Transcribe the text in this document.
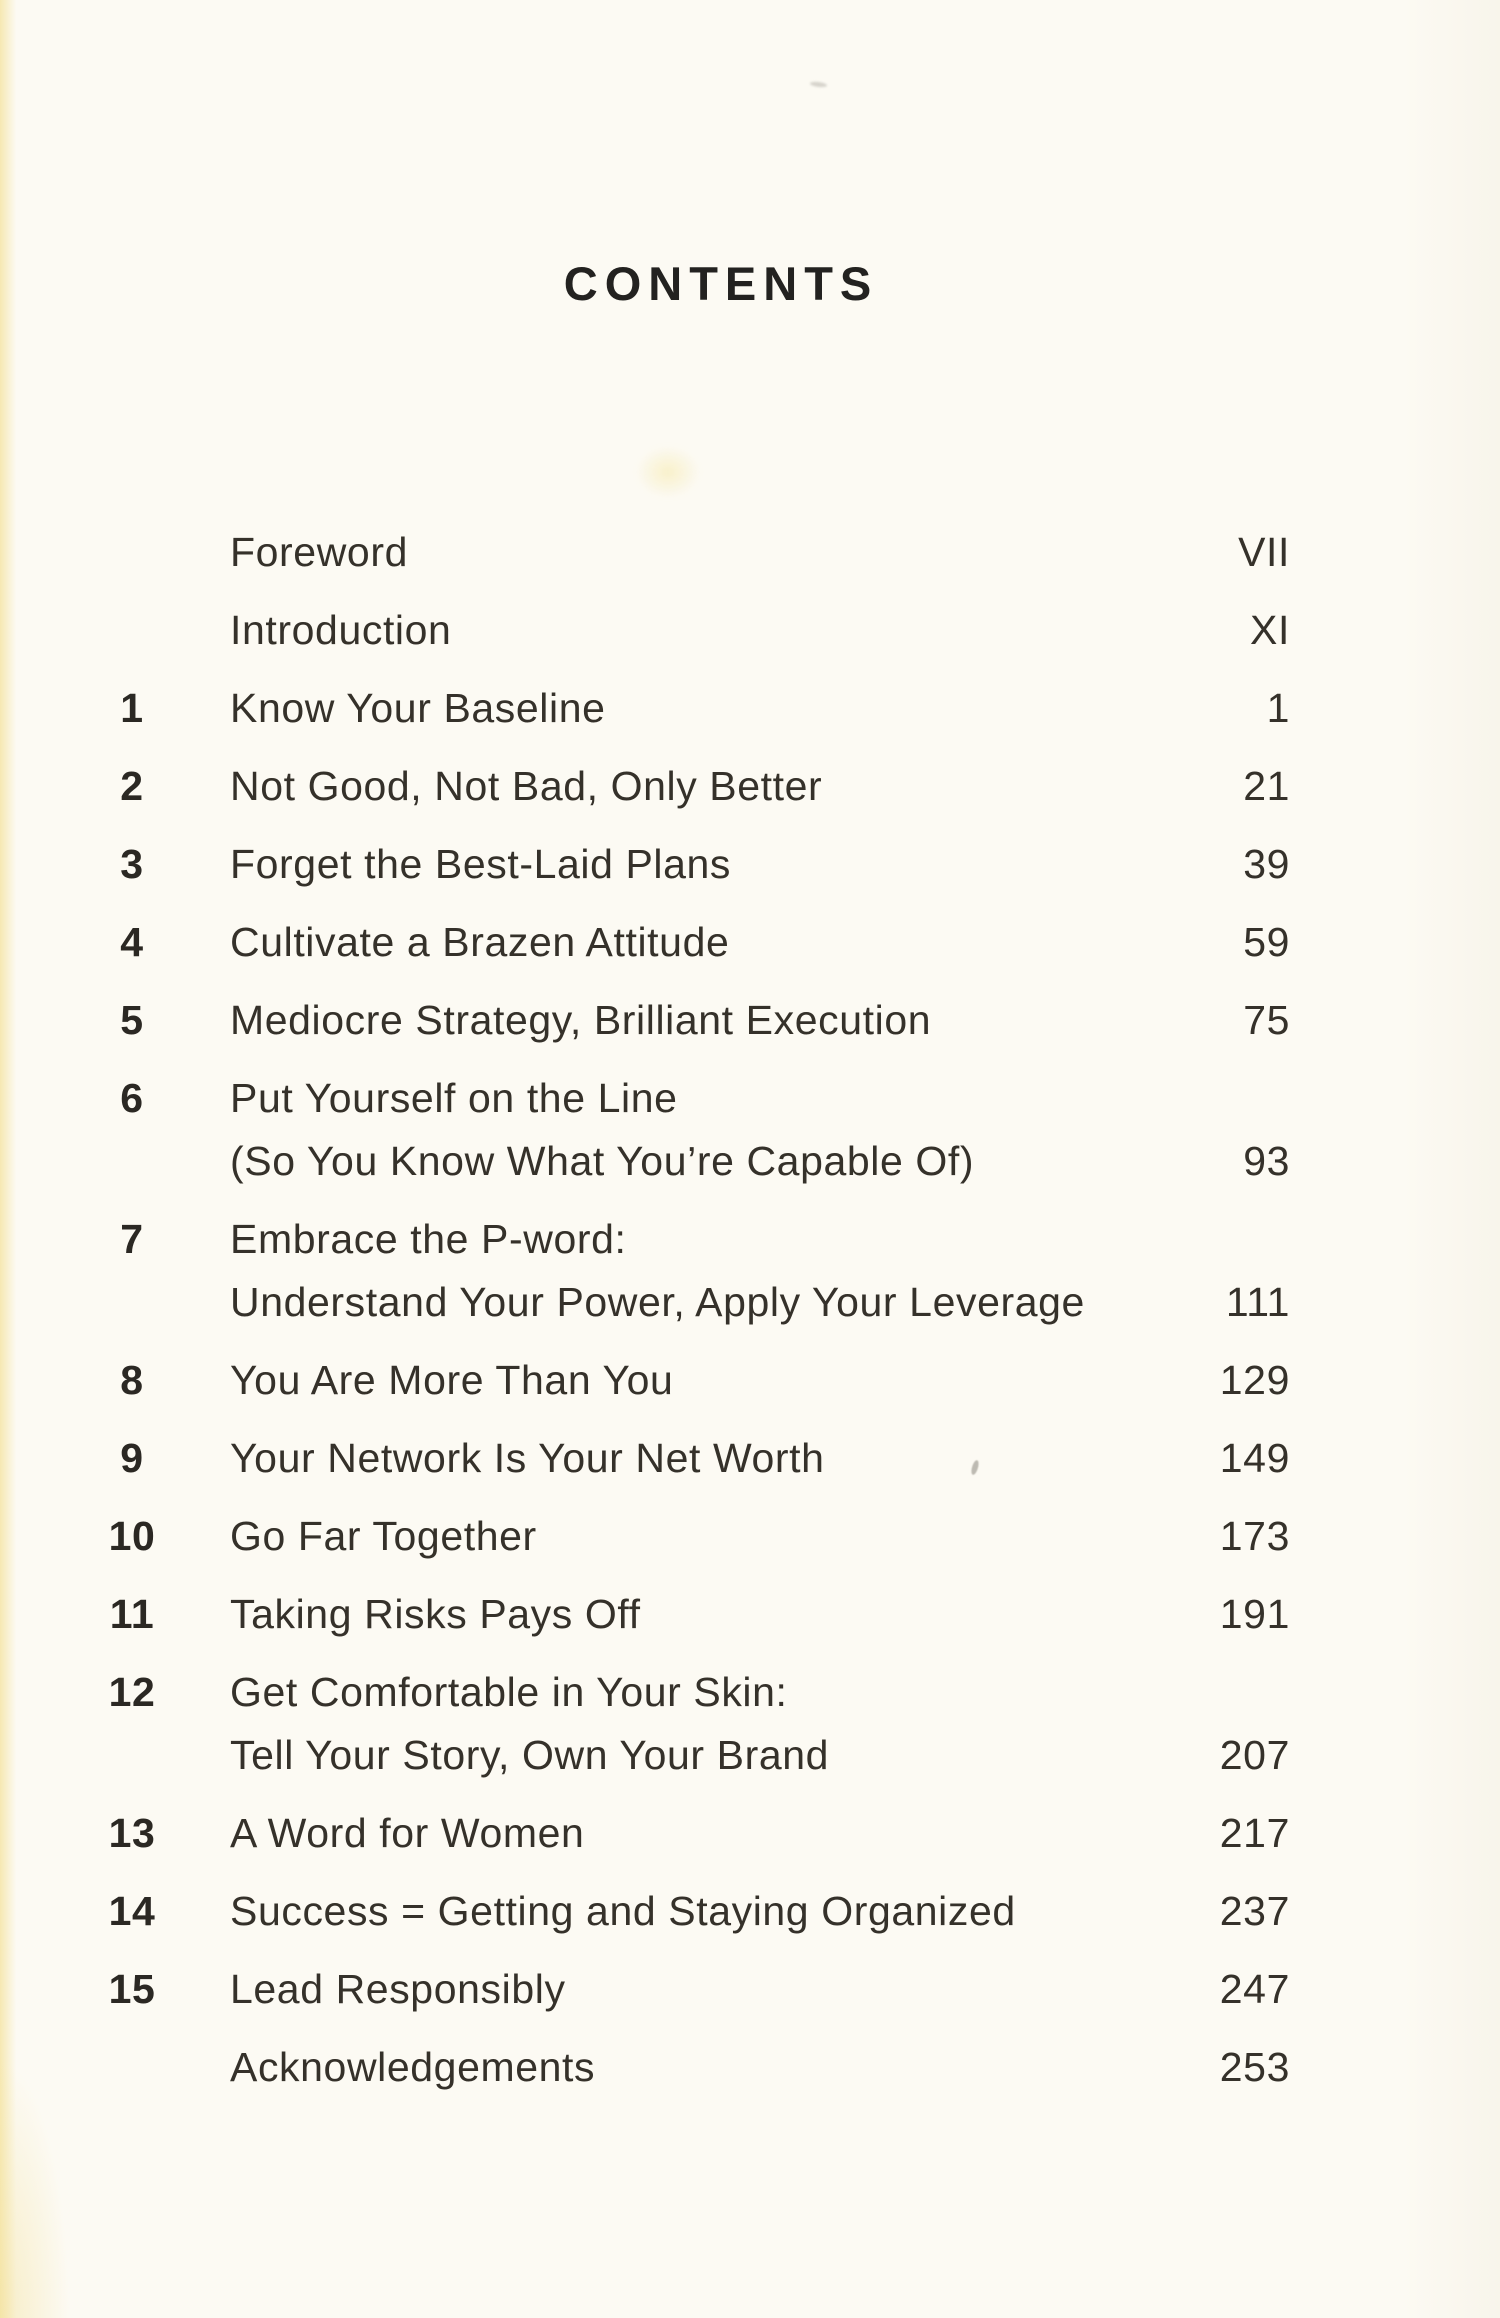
CONTENTS
Foreword	VII
Introduction	XI
1	Know Your Baseline	1
2	Not Good, Not Bad, Only Better	21
3	Forget the Best-Laid Plans	39
4	Cultivate a Brazen Attitude	59
5	Mediocre Strategy, Brilliant Execution	75
6	Put Yourself on the Line
(So You Know What You’re Capable Of)	93
7	Embrace the P-word:
Understand Your Power, Apply Your Leverage	111
8	You Are More Than You	129
9	Your Network Is Your Net Worth	149
10 Go Far Together	173
11 Taking Risks Pays Off	191
12 Get Comfortable in Your Skin:
Tell Your Story, Own Your Brand	207
13 A Word for Women	217
14 Success = Getting and Staying Organized	237
15 Lead Responsibly	247
Acknowledgements	253
